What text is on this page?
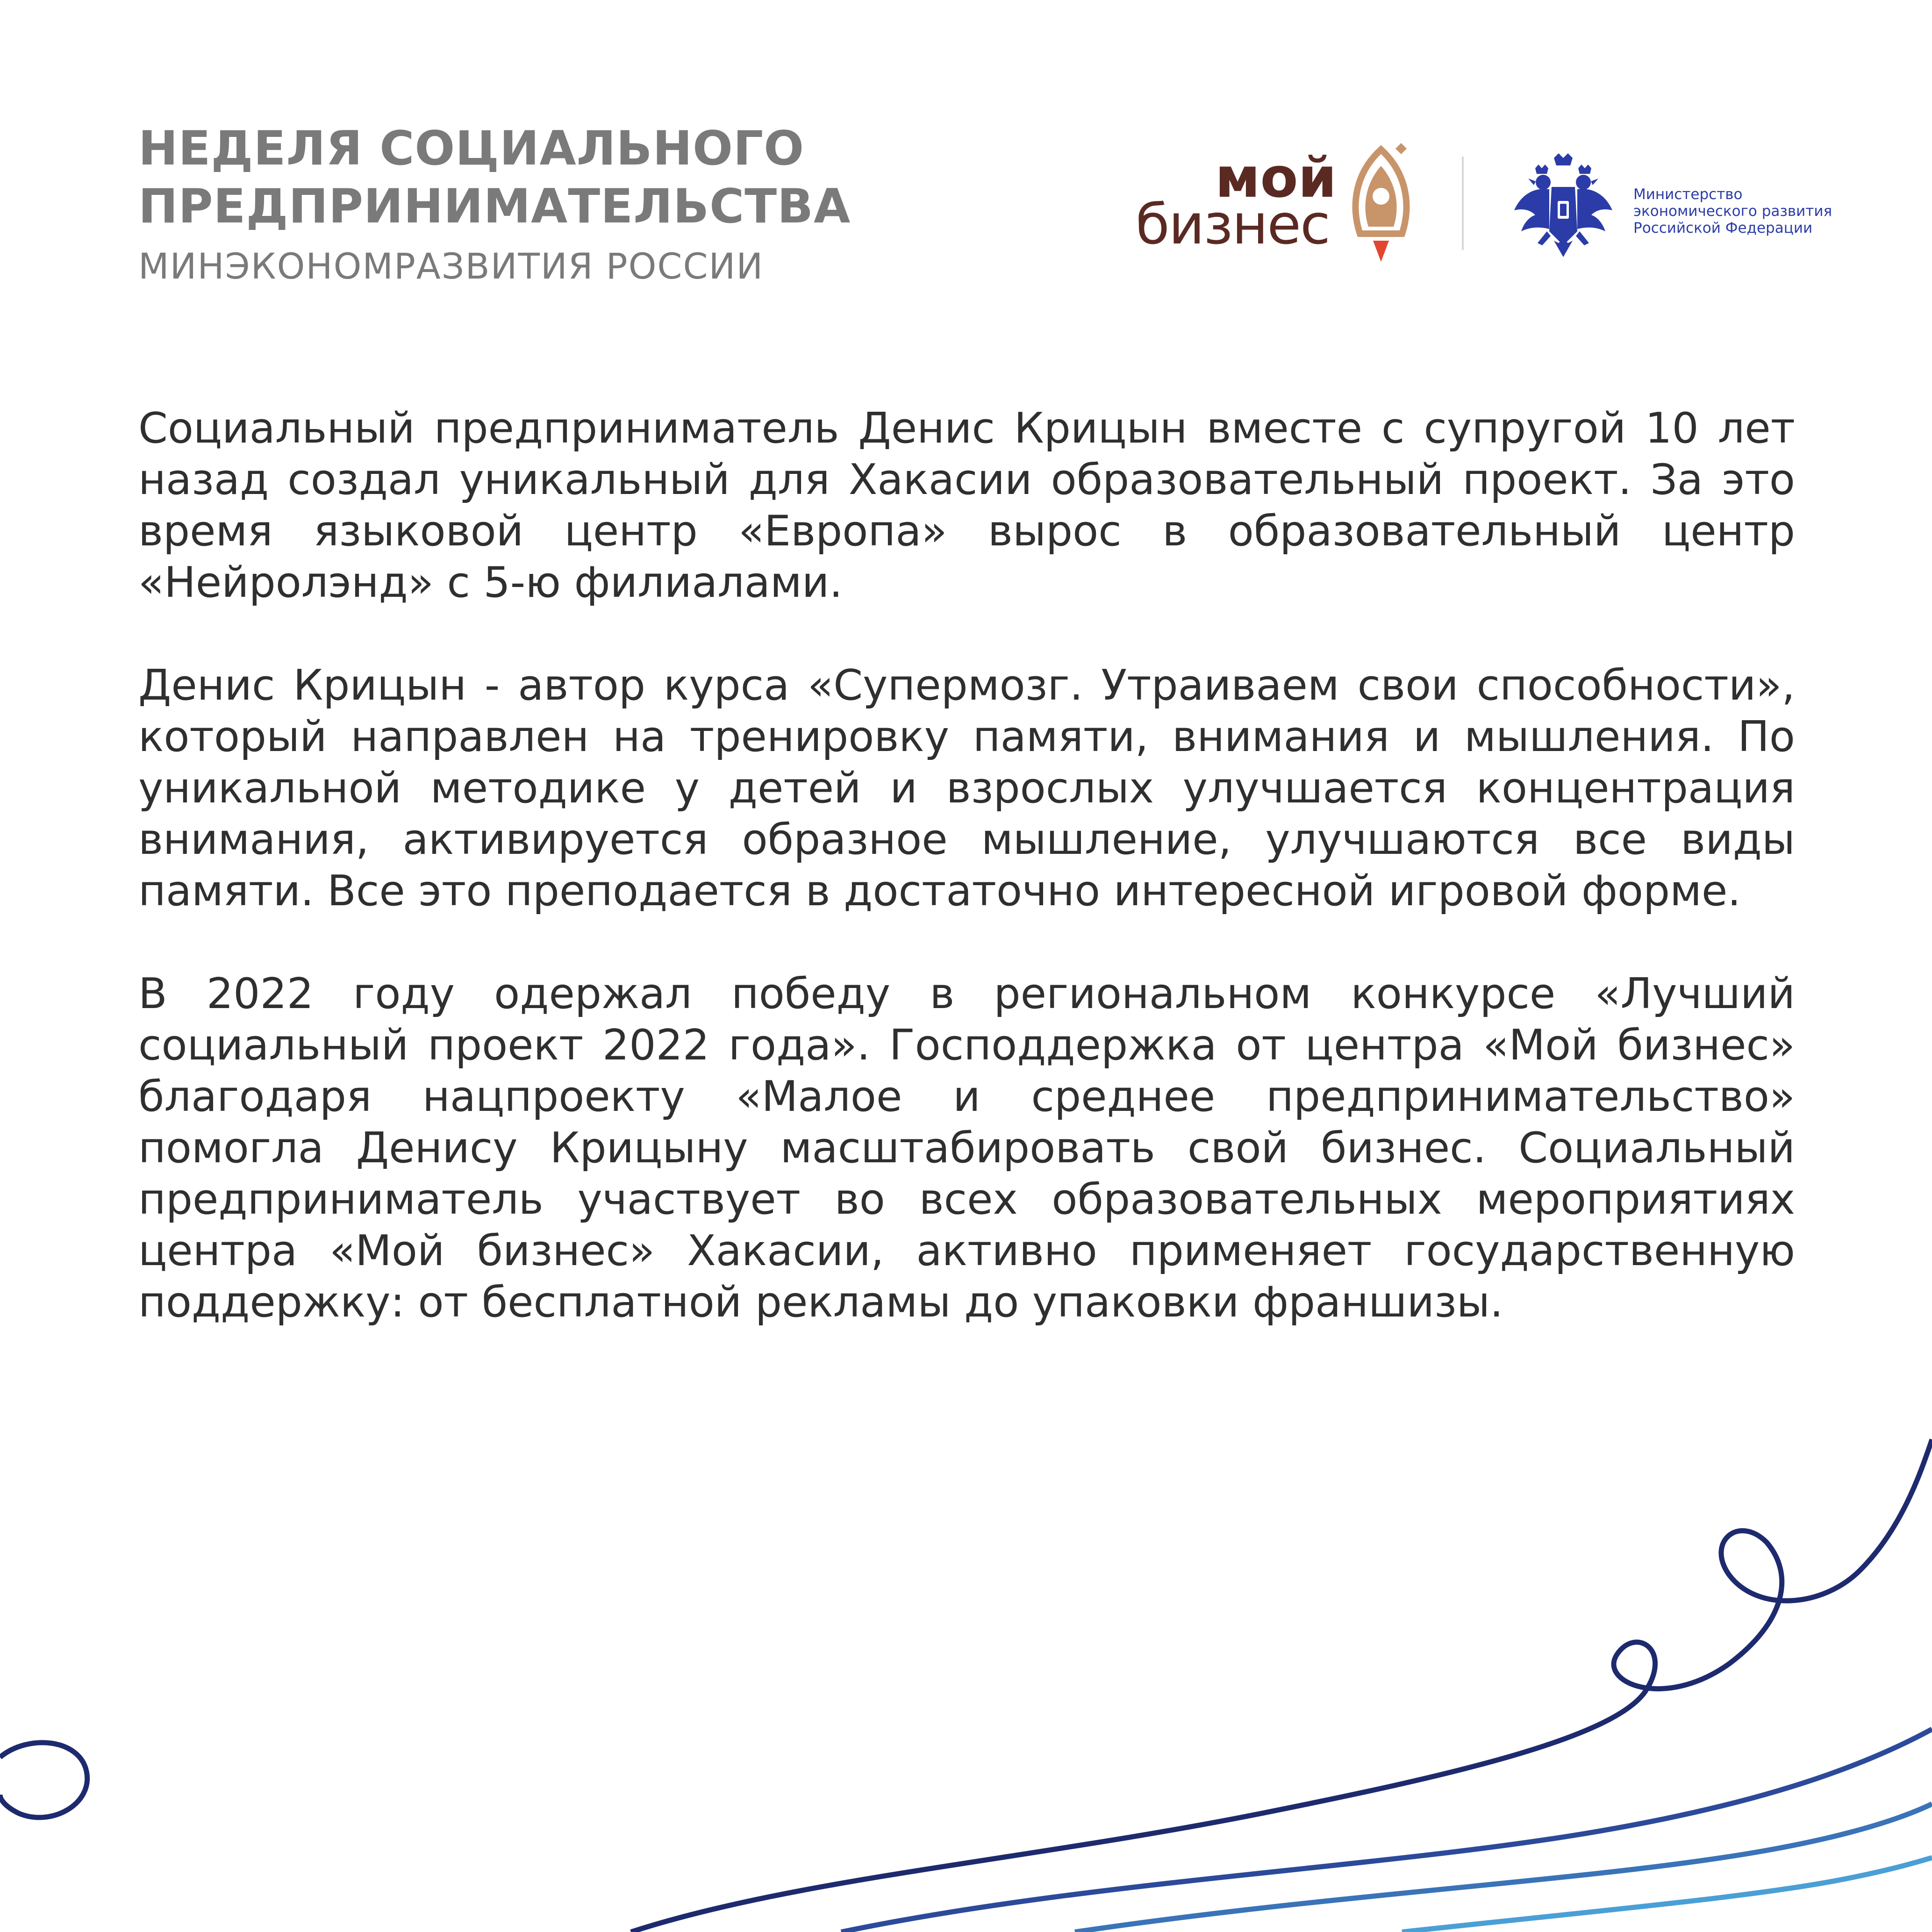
НЕДЕЛЯ СОЦИАЛЬНОГО
ПРЕДПРИНИМАТЕЛЬСТВА
МИНЭКОНОМРАЗВИТИЯ РОССИИ
мой
бизнес	Министерство
экономического развития
Российской Федерации

Социальный предприниматель Денис Крицын вместе с супругой 10 лет
назад создал уникальный для Хакасии образовательный проект. За это
время языковой центр «Европа» вырос в образовательный центр
«Нейролэнд» с 5-ю филиалами.

Денис Крицын - автор курса «Супермозг. Утраиваем свои способности»,
который направлен на тренировку памяти, внимания и мышления. По
уникальной методике у детей и взрослых улучшается концентрация
внимания, активируется образное мышление, улучшаются все виды
памяти. Все это преподается в достаточно интересной игровой форме.

В 2022 году одержал победу в региональном конкурсе «Лучший
социальный проект 2022 года». Господдержка от центра «Мой бизнес»
благодаря нацпроекту «Малое и среднее предпринимательство»
помогла Денису Крицыну масштабировать свой бизнес. Социальный
предприниматель участвует во всех образовательных мероприятиях
центра «Мой бизнес» Хакасии, активно применяет государственную
поддержку: от бесплатной рекламы до упаковки франшизы.
